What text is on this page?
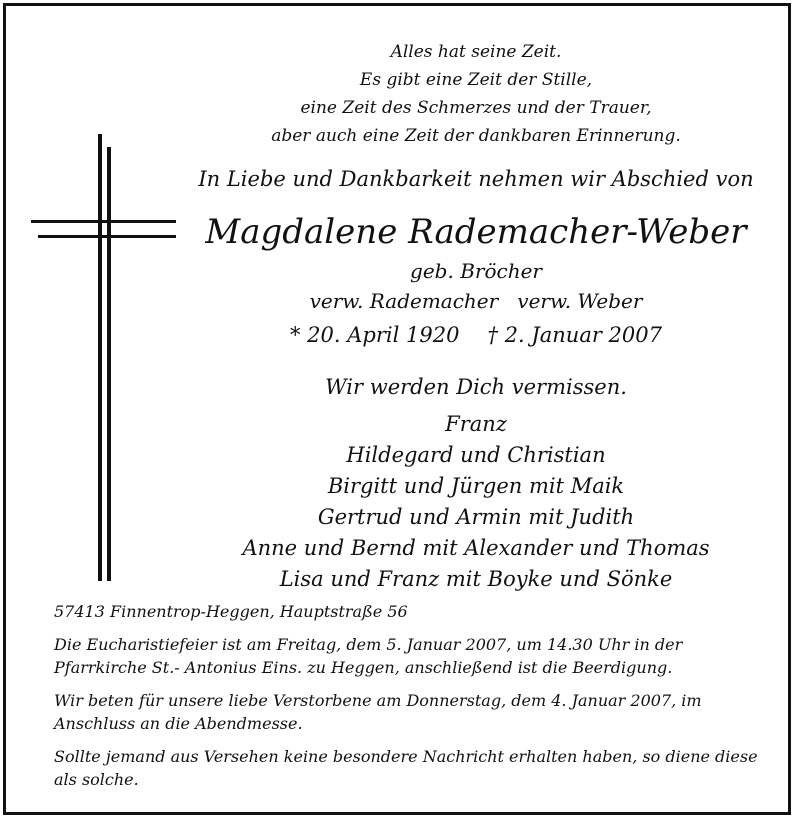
Alles hat seine Zeit.
Es gibt eine Zeit der Stille,
eine Zeit des Schmerzes und der Trauer,
aber auch eine Zeit der dankbaren Erinnerung.
In Liebe und Dankbarkeit nehmen wir Abschied von
Magdalene Rademacher-Weber
geb. Bröcher
verw. Rademacher   verw. Weber
* 20. April 1920 † 2. Januar 2007
Wir werden Dich vermissen.
Franz
Hildegard und Christian
Birgitt und Jürgen mit Maik
Gertrud und Armin mit Judith
Anne und Bernd mit Alexander und Thomas
Lisa und Franz mit Boyke und Sönke

57413 Finnentrop-Heggen, Hauptstraße 56

Die Eucharistiefeier ist am Freitag, dem 5. Januar 2007, um 14.30 Uhr in der Pfarrkirche St.- Antonius Eins. zu Heggen, anschließend ist die Beerdigung.

Wir beten für unsere liebe Verstorbene am Donnerstag, dem 4. Januar 2007, im Anschluss an die Abendmesse.

Sollte jemand aus Versehen keine besondere Nachricht erhalten haben, so diene diese als solche.
